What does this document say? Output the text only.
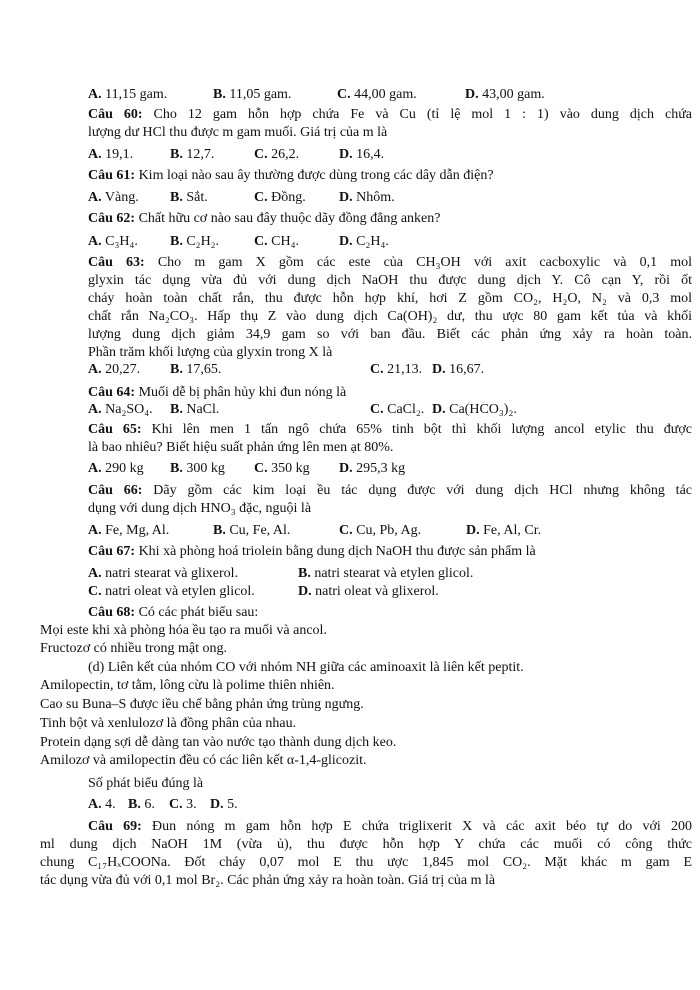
A. 11,15 gam.	B. 11,05 gam.	C. 44,00 gam.	D. 43,00 gam.
Câu 60: Cho 12 gam hỗn hợp chứa Fe và Cu (tỉ lệ mol 1 : 1) vào dung dịch chứa
lượng dư HCl thu được m gam muối. Giá trị của m là
A. 19,1.	B. 12,7.	C. 26,2.	D. 16,4.
Câu 61: Kim loại nào sau ây thường được dùng trong các dây dẫn điện?
A. Vàng. B. Sắt.	C. Đồng. D. Nhôm.
Câu 62: Chất hữu cơ nào sau đây thuộc dãy đồng đẳng anken?
A. C₃H₄. B. C₂H₂. C. CH₄.	D. C₂H₄.
Câu 63: Cho m gam X gồm các este của CH₃OH với axit cacboxylic và 0,1 mol
glyxin tác dụng vừa đủ với dung dịch NaOH thu được dung dịch Y. Cô cạn Y, rồi ốt
cháy hoàn toàn chất rắn, thu được hỗn hợp khí, hơi Z gồm CO₂, H₂O, N₂ và 0,3 mol
chất rắn Na₂CO₃. Hấp thụ Z vào dung dịch Ca(OH)₂ dư, thu ược 80 gam kết tủa và khối
lượng dung dịch giảm 34,9 gam so với ban đầu. Biết các phản ứng xảy ra hoàn toàn.
Phần trăm khối lượng của glyxin trong X là
A. 20,27. B. 17,65.	C. 21,13. D. 16,67.
Câu 64: Muối dễ bị phân hủy khi đun nóng là
A. Na₂SO₄. B. NaCl.	C. CaCl₂. D. Ca(HCO₃)₂.
Câu 65: Khi lên men 1 tấn ngô chứa 65% tinh bột thì khối lượng ancol etylic thu được
là bao nhiêu? Biết hiệu suất phản ứng lên men ạt 80%.
A. 290 kg B. 300 kg C. 350 kg D. 295,3 kg
Câu 66: Dãy gồm các kim loại ều tác dụng được với dung dịch HCl nhưng không tác
dụng với dung dịch HNO₃ đặc, nguội là
A. Fe, Mg, Al.	B. Cu, Fe, Al.	C. Cu, Pb, Ag.	D. Fe, Al, Cr.
Câu 67: Khi xà phòng hoá triolein bằng dung dịch NaOH thu được sản phẩm là
A. natri stearat và glixerol.	B. natri stearat và etylen glicol.
C. natri oleat và etylen glicol.	D. natri oleat và glixerol.
Câu 68: Có các phát biểu sau:
Mọi este khi xà phòng hóa ều tạo ra muối và ancol.
Fructozơ có nhiều trong mật ong.
(d) Liên kết của nhóm CO với nhóm NH giữa các aminoaxit là liên kết peptit.
Amilopectin, tơ tằm, lông cừu là polime thiên nhiên.
Cao su Buna–S được iều chế bằng phản ứng trùng ngưng.
Tinh bột và xenlulozơ là đồng phân của nhau.
Protein dạng sợi dễ dàng tan vào nước tạo thành dung dịch keo.
Amilozơ và amilopectin đều có các liên kết α-1,4-glicozit.
Số phát biểu đúng là
A. 4. B. 6. C. 3. D. 5.
Câu 69: Đun nóng m gam hỗn hợp E chứa triglixerit X và các axit béo tự do với 200
ml dung dịch NaOH 1M (vừa ủ), thu được hỗn hợp Y chứa các muối có công thức
chung C₁₇HₓCOONa. Đốt cháy 0,07 mol E thu ược 1,845 mol CO₂. Mặt khác m gam E
tác dụng vừa đủ với 0,1 mol Br₂. Các phản ứng xảy ra hoàn toàn. Giá trị của m là
